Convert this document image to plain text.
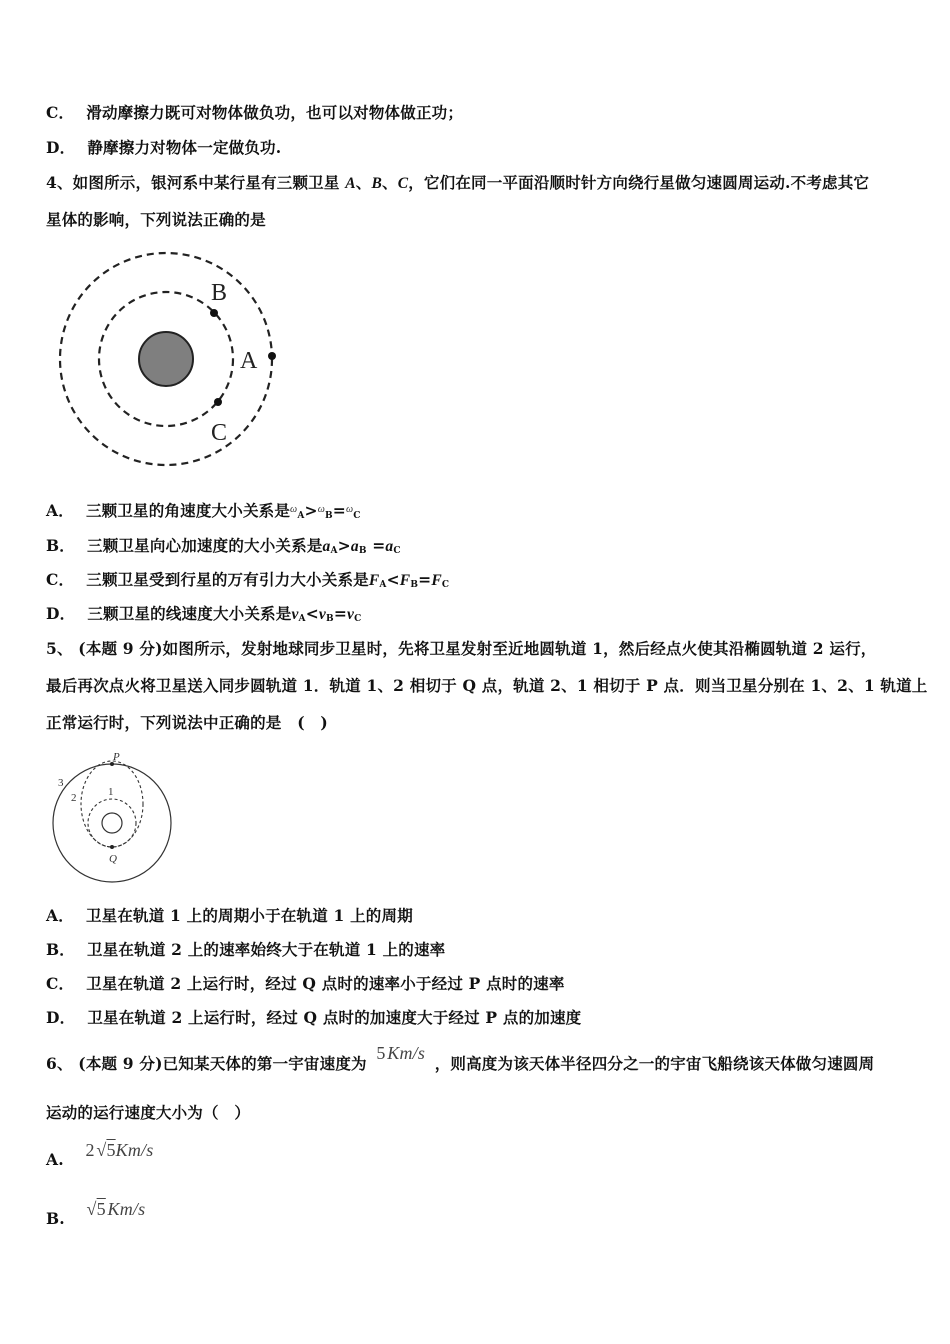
C． 滑动摩擦力既可对物体做负功，也可以对物体做正功；
D． 静摩擦力对物体一定做负功.
4、如图所示，银河系中某行星有三颗卫星 A、B、C，它们在同一平面沿顺时针方向绕行星做匀速圆周运动.不考虑其它
星体的影响，下列说法正确的是
B
A
C
A． 三颗卫星的角速度大小关系是$^\omega_A$>$^\omega_B$=$^\omega_C$
B． 三颗卫星向心加速度的大小关系是$a_A>a_B =a_C$
C． 三颗卫星受到行星的万有引力大小关系是$F_A<F_B=F_C$
D． 三颗卫星的线速度大小关系是$v_A<v_B=v_C$
5、 (本题 9 分)如图所示，发射地球同步卫星时，先将卫星发射至近地圆轨道 1，然后经点火使其沿椭圆轨道 2 运行，
最后再次点火将卫星送入同步圆轨道 1．轨道 1、2 相切于 Q 点，轨道 2、1 相切于 P 点．则当卫星分别在 1、2、1 轨道上
正常运行时，下列说法中正确的是　(　)
P
Q
1
2
3
A． 卫星在轨道 1 上的周期小于在轨道 1 上的周期
B． 卫星在轨道 2 上的速率始终大于在轨道 1 上的速率
C． 卫星在轨道 2 上运行时，经过 Q 点时的速率小于经过 P 点时的速率
D． 卫星在轨道 2 上运行时，经过 Q 点时的加速度大于经过 P 点的加速度
6、 (本题 9 分)已知某天体的第一宇宙速度为 5 Km/s ，则高度为该天体半径四分之一的宇宙飞船绕该天体做匀速圆周
运动的运行速度大小为（　）
A. 2 √5Km/s
B. √5 Km/s
